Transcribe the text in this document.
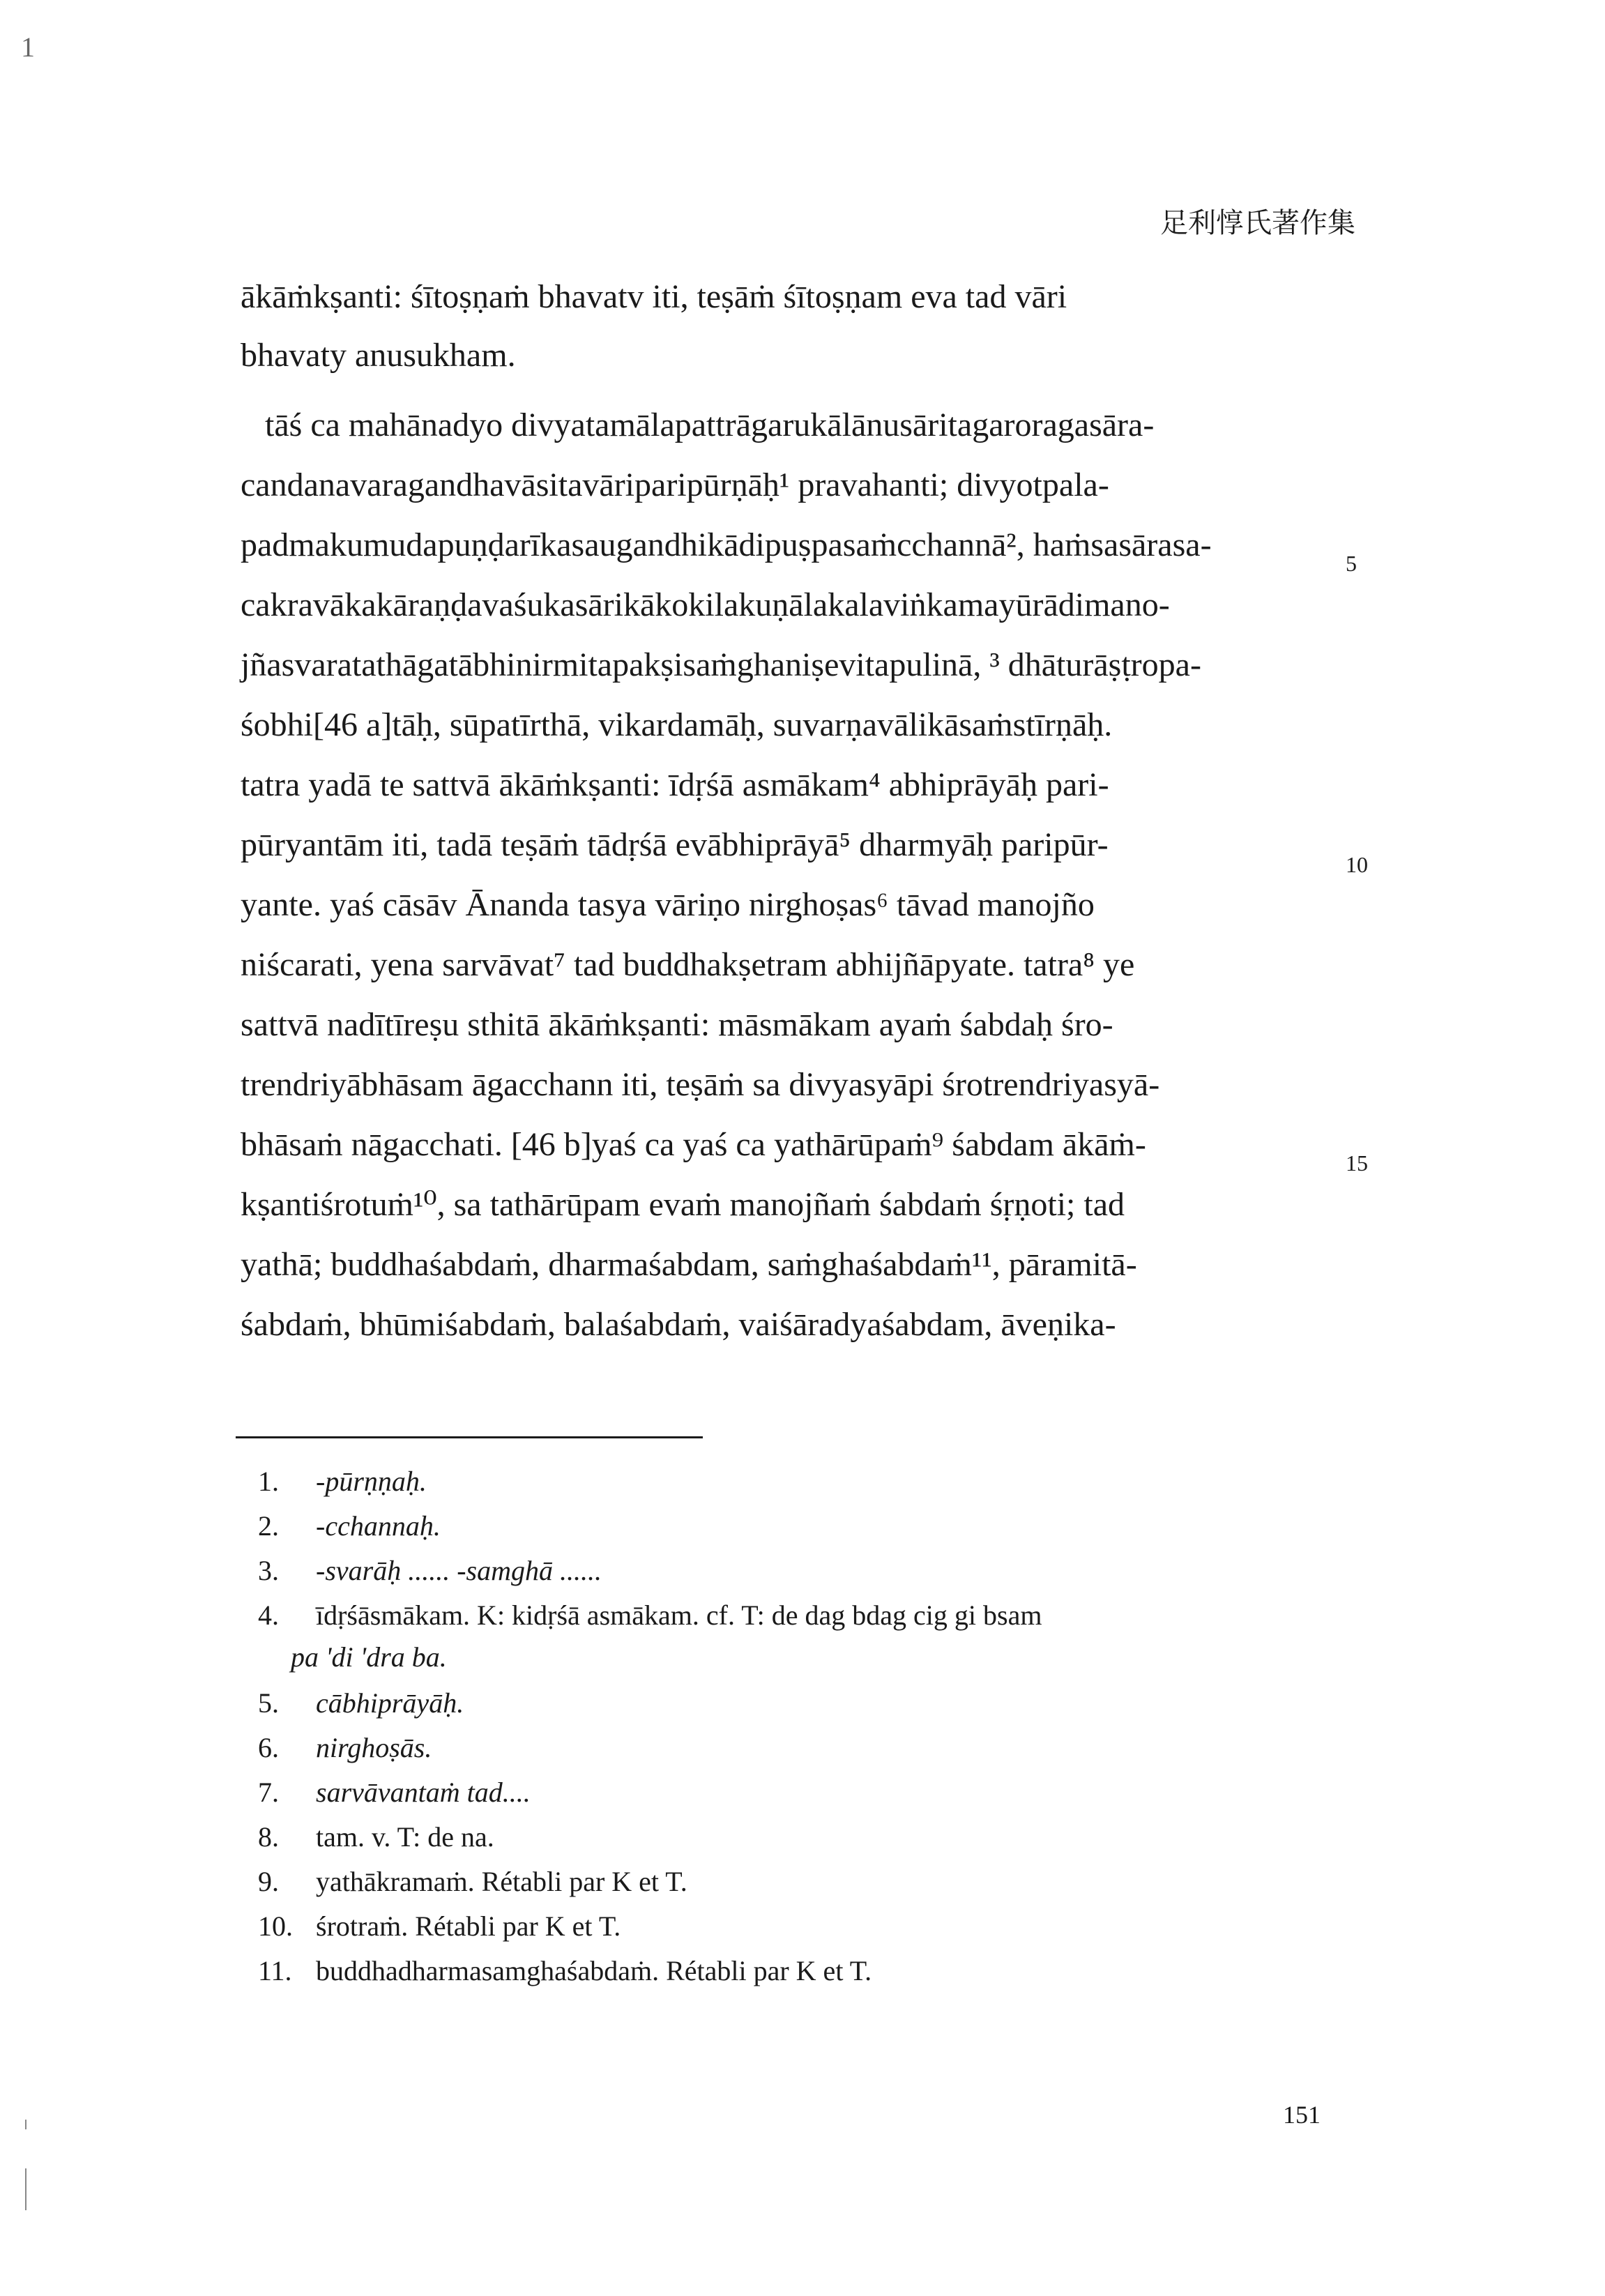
1
足利惇氏著作集
ākāṁkṣanti: śītoṣṇaṁ bhavatv iti, teṣāṁ śītoṣṇam eva tad vāri
bhavaty anusukham.
tāś ca mahānadyo divyatamālapattrāgarukālānusāritagaroragasāra-
candanavaragandhavāsitavāriparipūrṇāḥ¹ pravahanti; divyotpala-
padmakumudapuṇḍarīkasaugandhikādipuṣpasaṁcchannā², haṁsasārasa-
cakravākakāraṇḍavaśukasārikākokilakuṇālakalaviṅkamayūrādimano-
jñasvaratathāgatābhinirmitapakṣisaṁghaniṣevitapulinā, ³ dhāturāṣṭropa-
śobhi[46 a]tāḥ, sūpatīrthā, vikardamāḥ, suvarṇavālikāsaṁstīrṇāḥ.
tatra yadā te sattvā ākāṁkṣanti: īdṛśā asmākam⁴ abhiprāyāḥ pari-
pūryantām iti, tadā teṣāṁ tādṛśā evābhiprāyā⁵ dharmyāḥ paripūr-
yante. yaś cāsāv Ānanda tasya vāriṇo nirghoṣas⁶ tāvad manojño
niścarati, yena sarvāvat⁷ tad buddhakṣetram abhijñāpyate. tatra⁸ ye
sattvā nadītīreṣu sthitā ākāṁkṣanti: māsmākam ayaṁ śabdaḥ śro-
trendriyābhāsam āgacchann iti, teṣāṁ sa divyasyāpi śrotrendriyasyā-
bhāsaṁ nāgacchati. [46 b]yaś ca yaś ca yathārūpaṁ⁹ śabdam ākāṁ-
kṣantiśrotuṁ¹⁰, sa tathārūpam evaṁ manojñaṁ śabdaṁ śṛṇoti; tad
yathā; buddhaśabdaṁ, dharmaśabdam, saṁghaśabdaṁ¹¹, pāramitā-
śabdaṁ, bhūmiśabdaṁ, balaśabdaṁ, vaiśāradyaśabdam, āveṇika-
5
10
15
1. -pūrṇṇaḥ.
2. -cchannaḥ.
3. -svarāḥ ...... -samghā ......
4. īdṛśāsmākam. K: kidṛśā asmākam. cf. T: de dag bdag cig gi bsam
pa 'di 'dra ba.
5. cābhiprāyāḥ.
6. nirghoṣās.
7. sarvāvantaṁ tad....
8. tam. v. T: de na.
9. yathākramaṁ. Rétabli par K et T.
10. śrotraṁ. Rétabli par K et T.
11. buddhadharmasamghaśabdaṁ. Rétabli par K et T.
151
